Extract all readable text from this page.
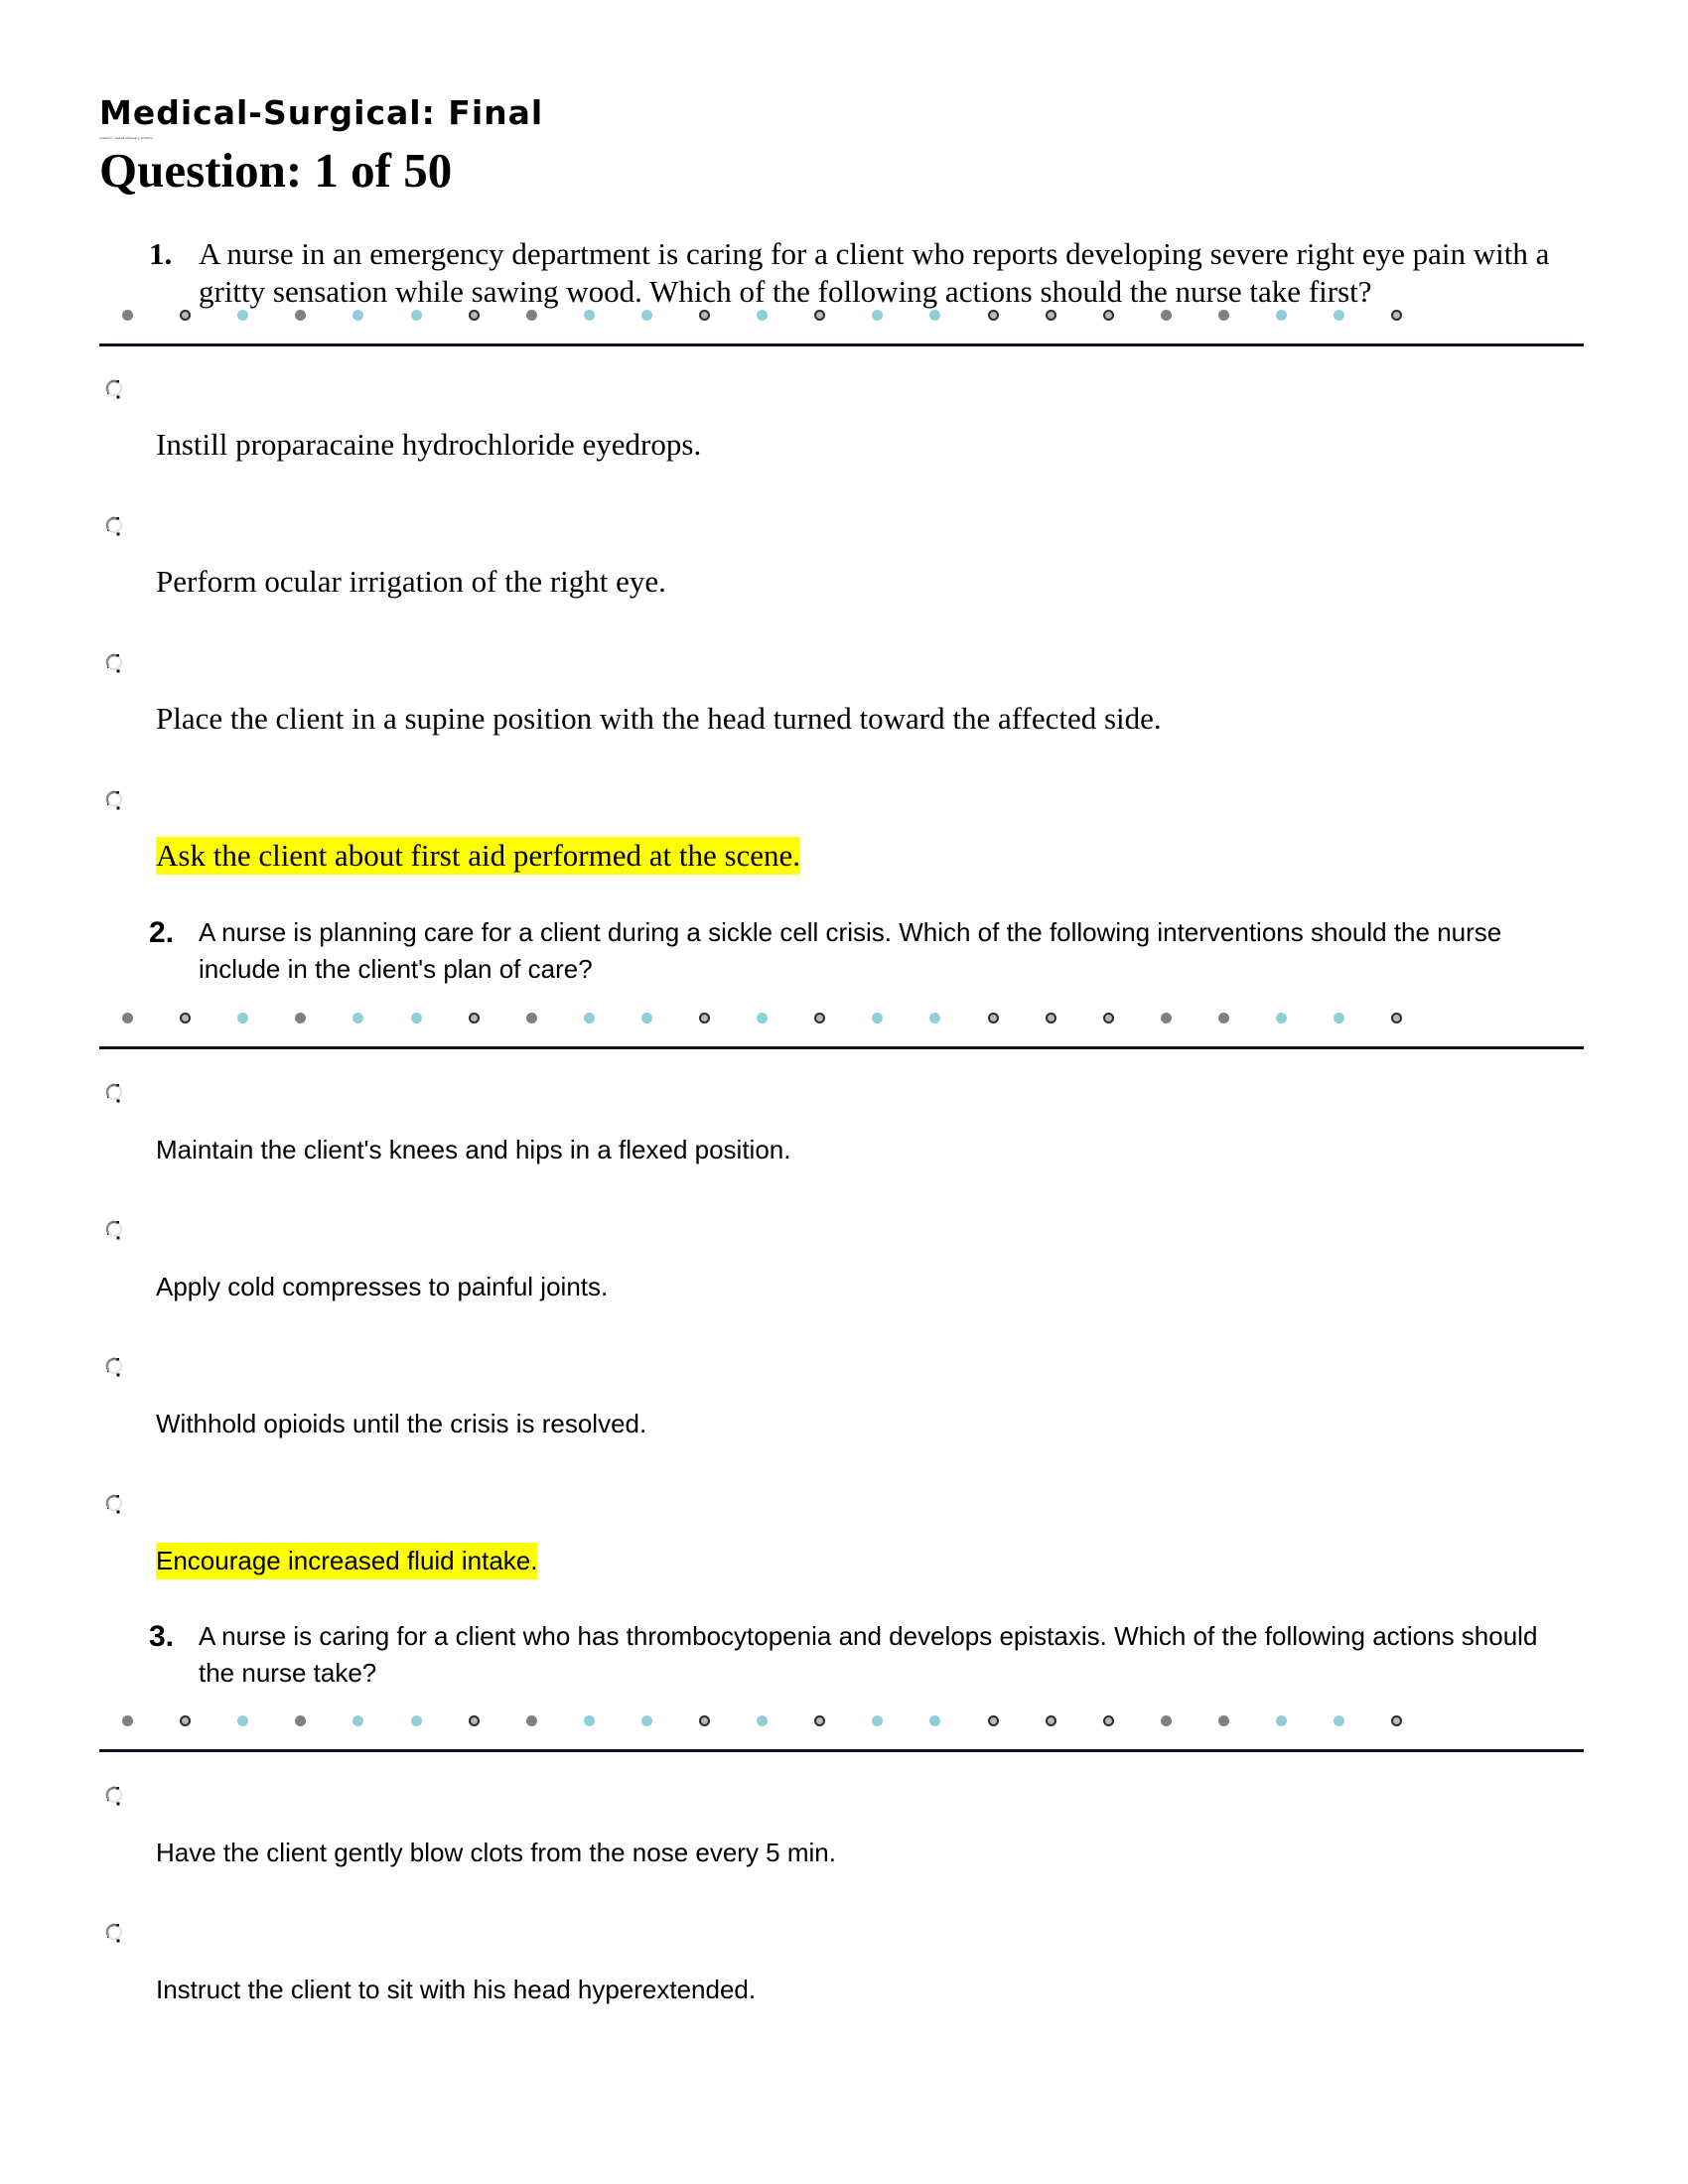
Medical-Surgical: Final
question i tested adequacy practice
Question: 1 of 50
1. A nurse in an emergency department is caring for a client who reports developing severe right eye pain with a gritty sensation while sawing wood. Which of the following actions should the nurse take first?
Instill proparacaine hydrochloride eyedrops.
Perform ocular irrigation of the right eye.
Place the client in a supine position with the head turned toward the affected side.
Ask the client about first aid performed at the scene.
2. A nurse is planning care for a client during a sickle cell crisis. Which of the following interventions should the nurse include in the client's plan of care?
Maintain the client's knees and hips in a flexed position.
Apply cold compresses to painful joints.
Withhold opioids until the crisis is resolved.
Encourage increased fluid intake.
3. A nurse is caring for a client who has thrombocytopenia and develops epistaxis. Which of the following actions should the nurse take?
Have the client gently blow clots from the nose every 5 min.
Instruct the client to sit with his head hyperextended.
